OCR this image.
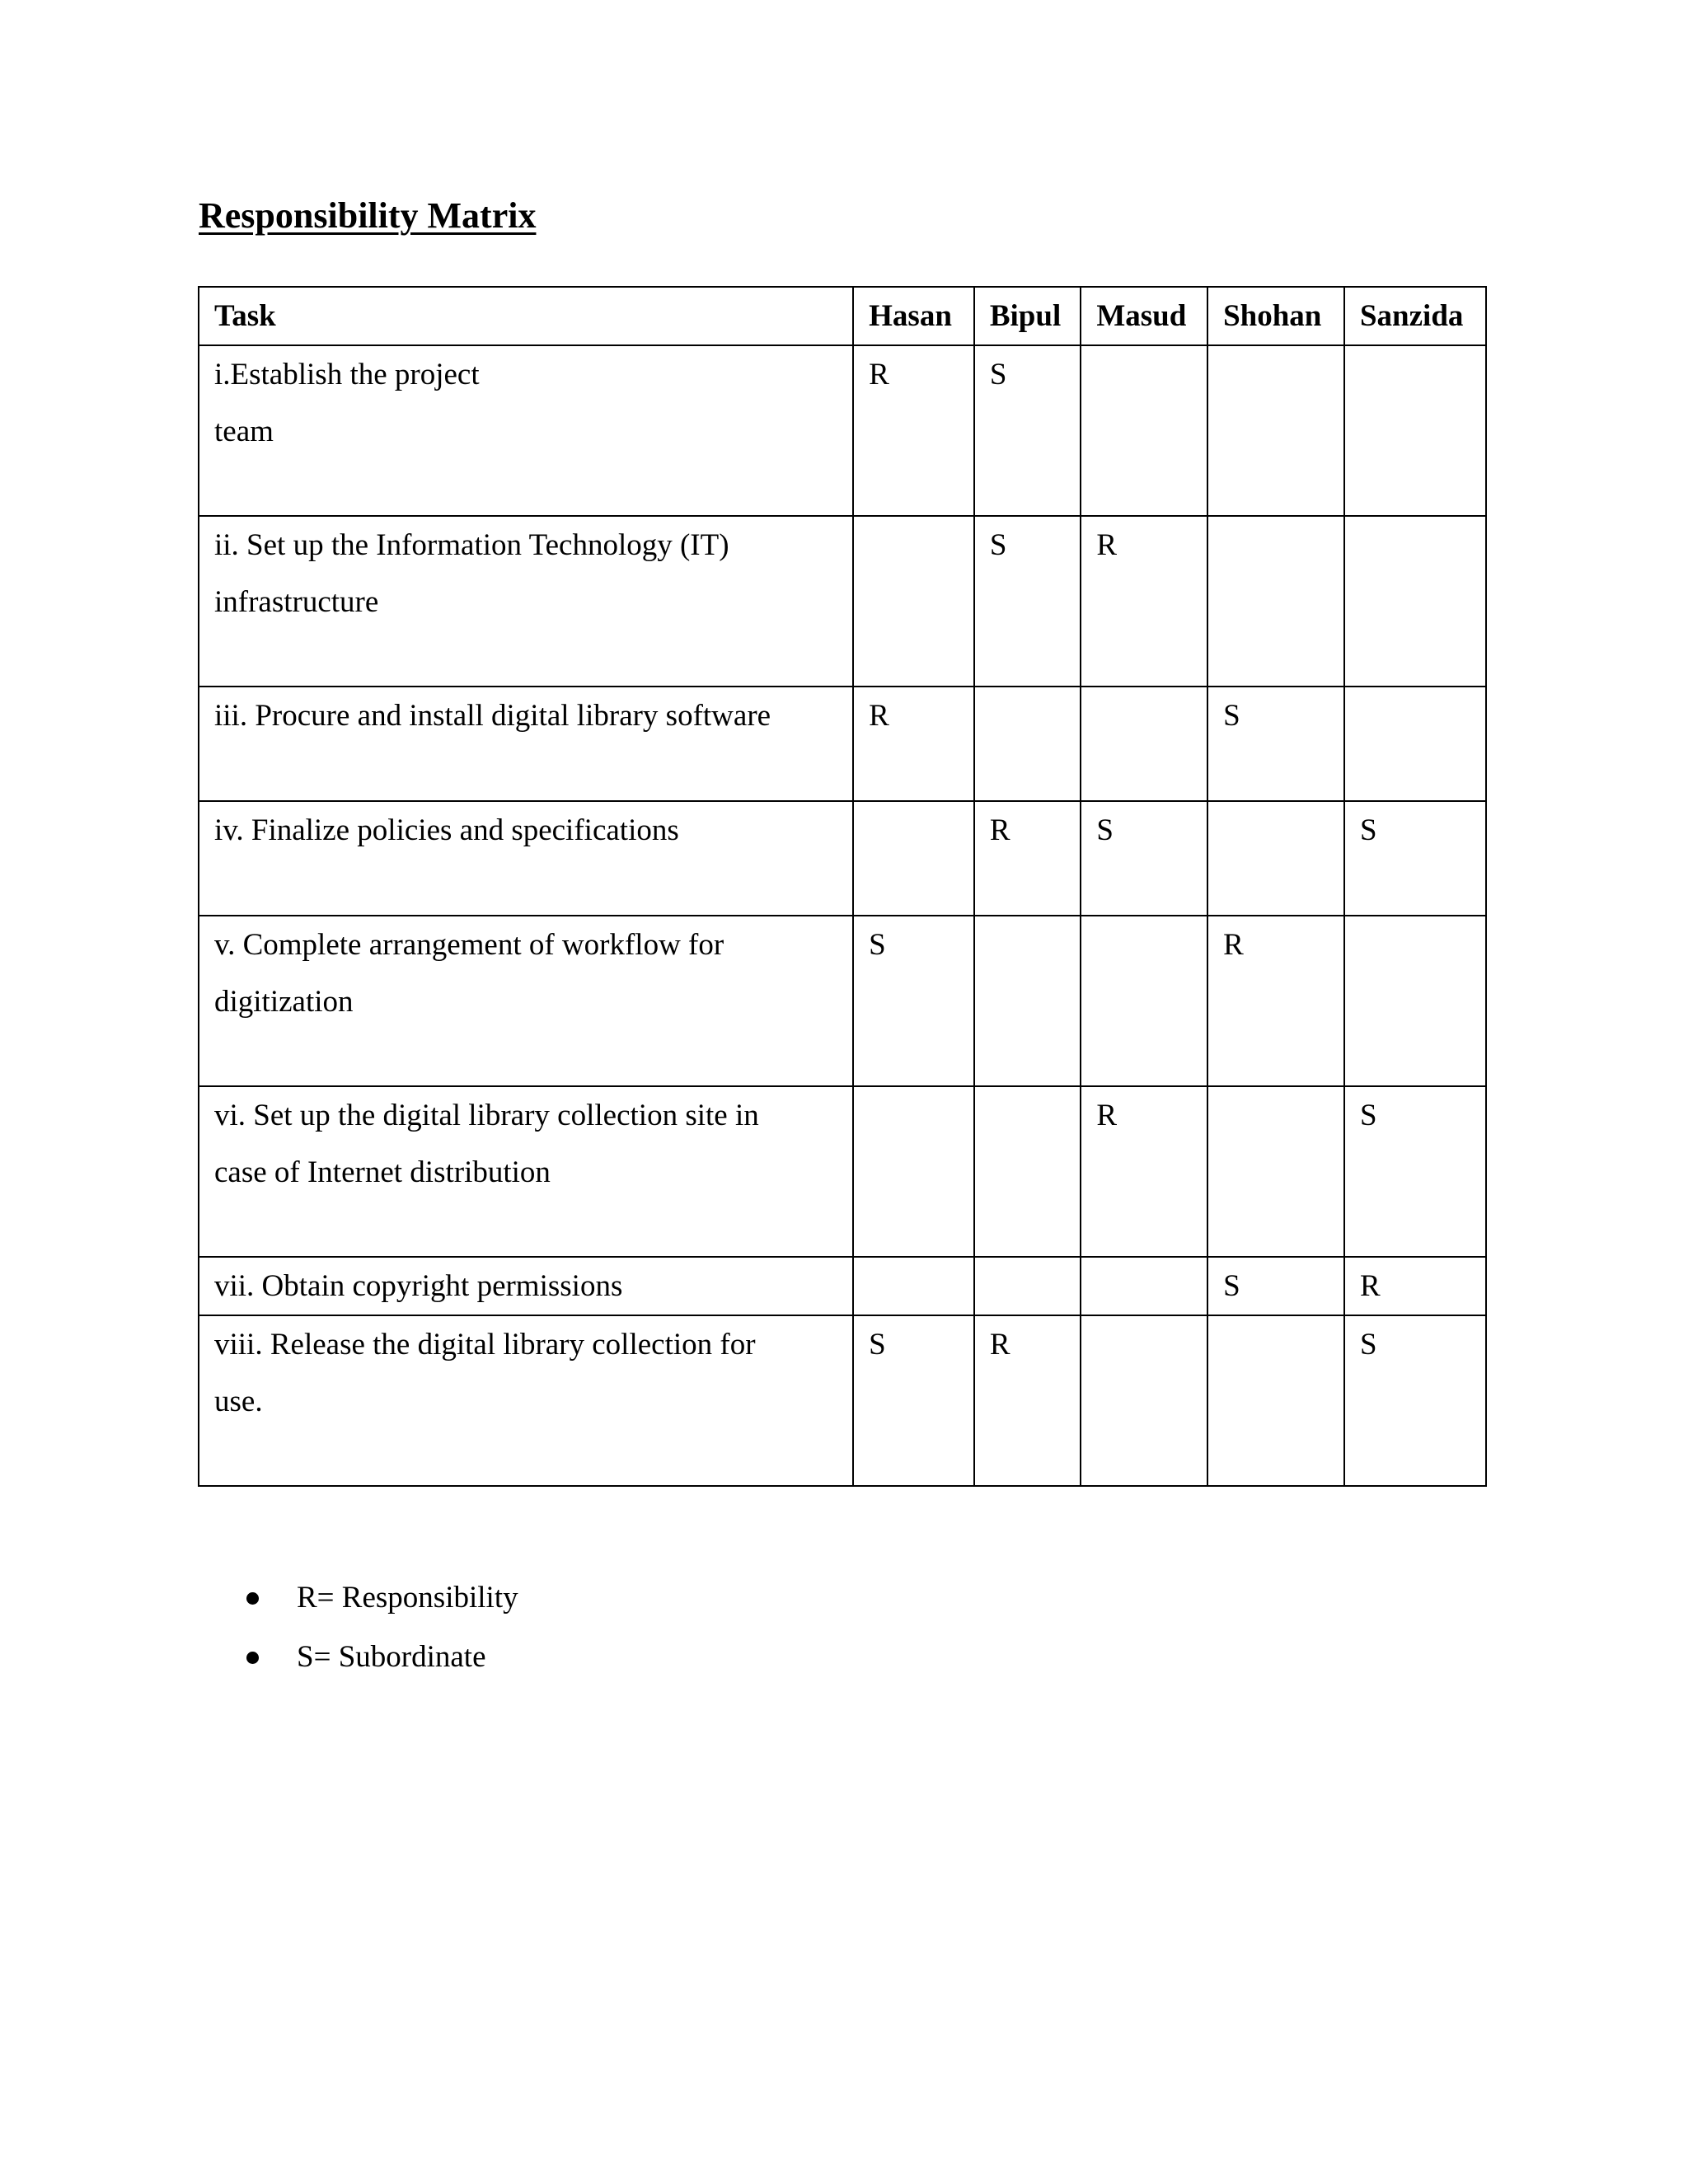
Responsibility Matrix
Task	Hasan	Bipul	Masud	Shohan	Sanzida

i.Establish the project
team	R	S			

ii. Set up the Information Technology (IT)
infrastructure		S	R		

iii. Procure and install digital library software	R			S	

iv. Finalize policies and specifications		R	S		S

v. Complete arrangement of workflow for
digitization	S			R	

vi. Set up the digital library collection site in
case of Internet distribution			R		S

vii. Obtain copyright permissions				S	R

viii. Release the digital library collection for
use.	S	R			S
R= Responsibility
S= Subordinate
